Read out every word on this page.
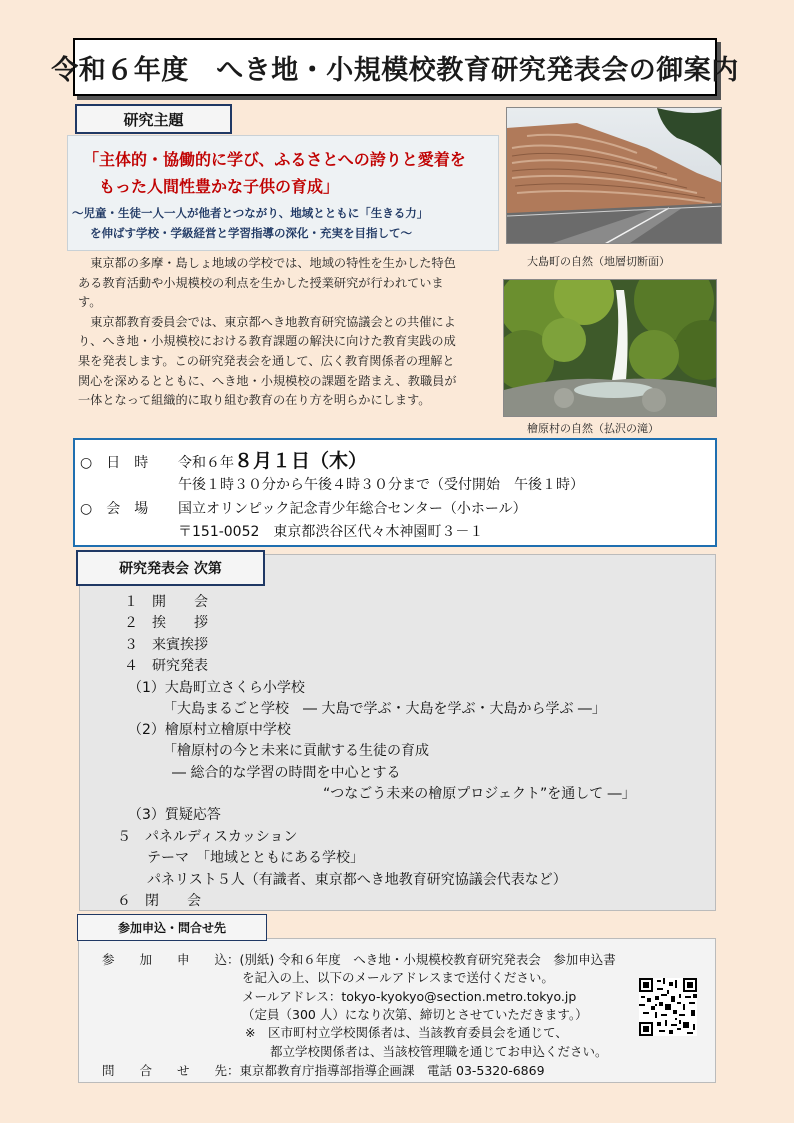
令和６年度　へき地・小規模校教育研究発表会の御案内
研究主題
「主体的・協働的に学び、ふるさとへの誇りと愛着を
もった人間性豊かな子供の育成」
～児童・生徒一人一人が他者とつながり、地域とともに「生きる力」
を伸ばす学校・学級経営と学習指導の深化・充実を目指して～

東京都の多摩・島しょ地域の学校では、地域の特性を生かした特色ある教育活動や小規模校の利点を生かした授業研究が行われています。

東京都教育委員会では、東京都へき地教育研究協議会との共催により、へき地・小規模校における教育課題の解決に向けた教育実践の成果を発表します。この研究発表会を通して、広く教育関係者の理解と関心を深めるとともに、へき地・小規模校の課題を踏まえ、教職員が一体となって組織的に取り組む教育の在り方を明らかにします。

大島町の自然（地層切断面）
檜原村の自然（払沢の滝）
○　日　時 令和６年８月１日（木）
午後１時３０分から午後４時３０分まで（受付開始　午後１時）
○　会　場 国立オリンピック記念青少年総合センター（小ホール）
〒151-0052　東京都渋谷区代々木神園町３－１
研究発表会 次第
１　開　　会
２　挨　　拶
３　来賓挨拶
４　研究発表
（1）大島町立さくら小学校
「大島まるごと学校　― 大島で学ぶ・大島を学ぶ・大島から学ぶ ―」
（2）檜原村立檜原中学校
「檜原村の今と未来に貢献する生徒の育成
― 総合的な学習の時間を中心とする
“つなごう未来の檜原プロジェクト”を通して ―」
（3）質疑応答
５　パネルディスカッション
テーマ　「地域とともにある学校」
パネリスト５人（有識者、東京都へき地教育研究協議会代表など）
６　閉　　会
参加申込・問合せ先
参　　加　　申　　込：(別紙) 令和６年度　へき地・小規模校教育研究発表会　参加申込書
を記入の上、以下のメールアドレスまで送付ください。
メールアドレス：tokyo-kyokyo@section.metro.tokyo.jp
（定員（300 人）になり次第、締切とさせていただきます。）
※　区市町村立学校関係者は、当該教育委員会を通じて、
都立学校関係者は、当該校管理職を通じてお申込ください。
問　　合　　せ　　先：東京都教育庁指導部指導企画課　電話 03-5320-6869
